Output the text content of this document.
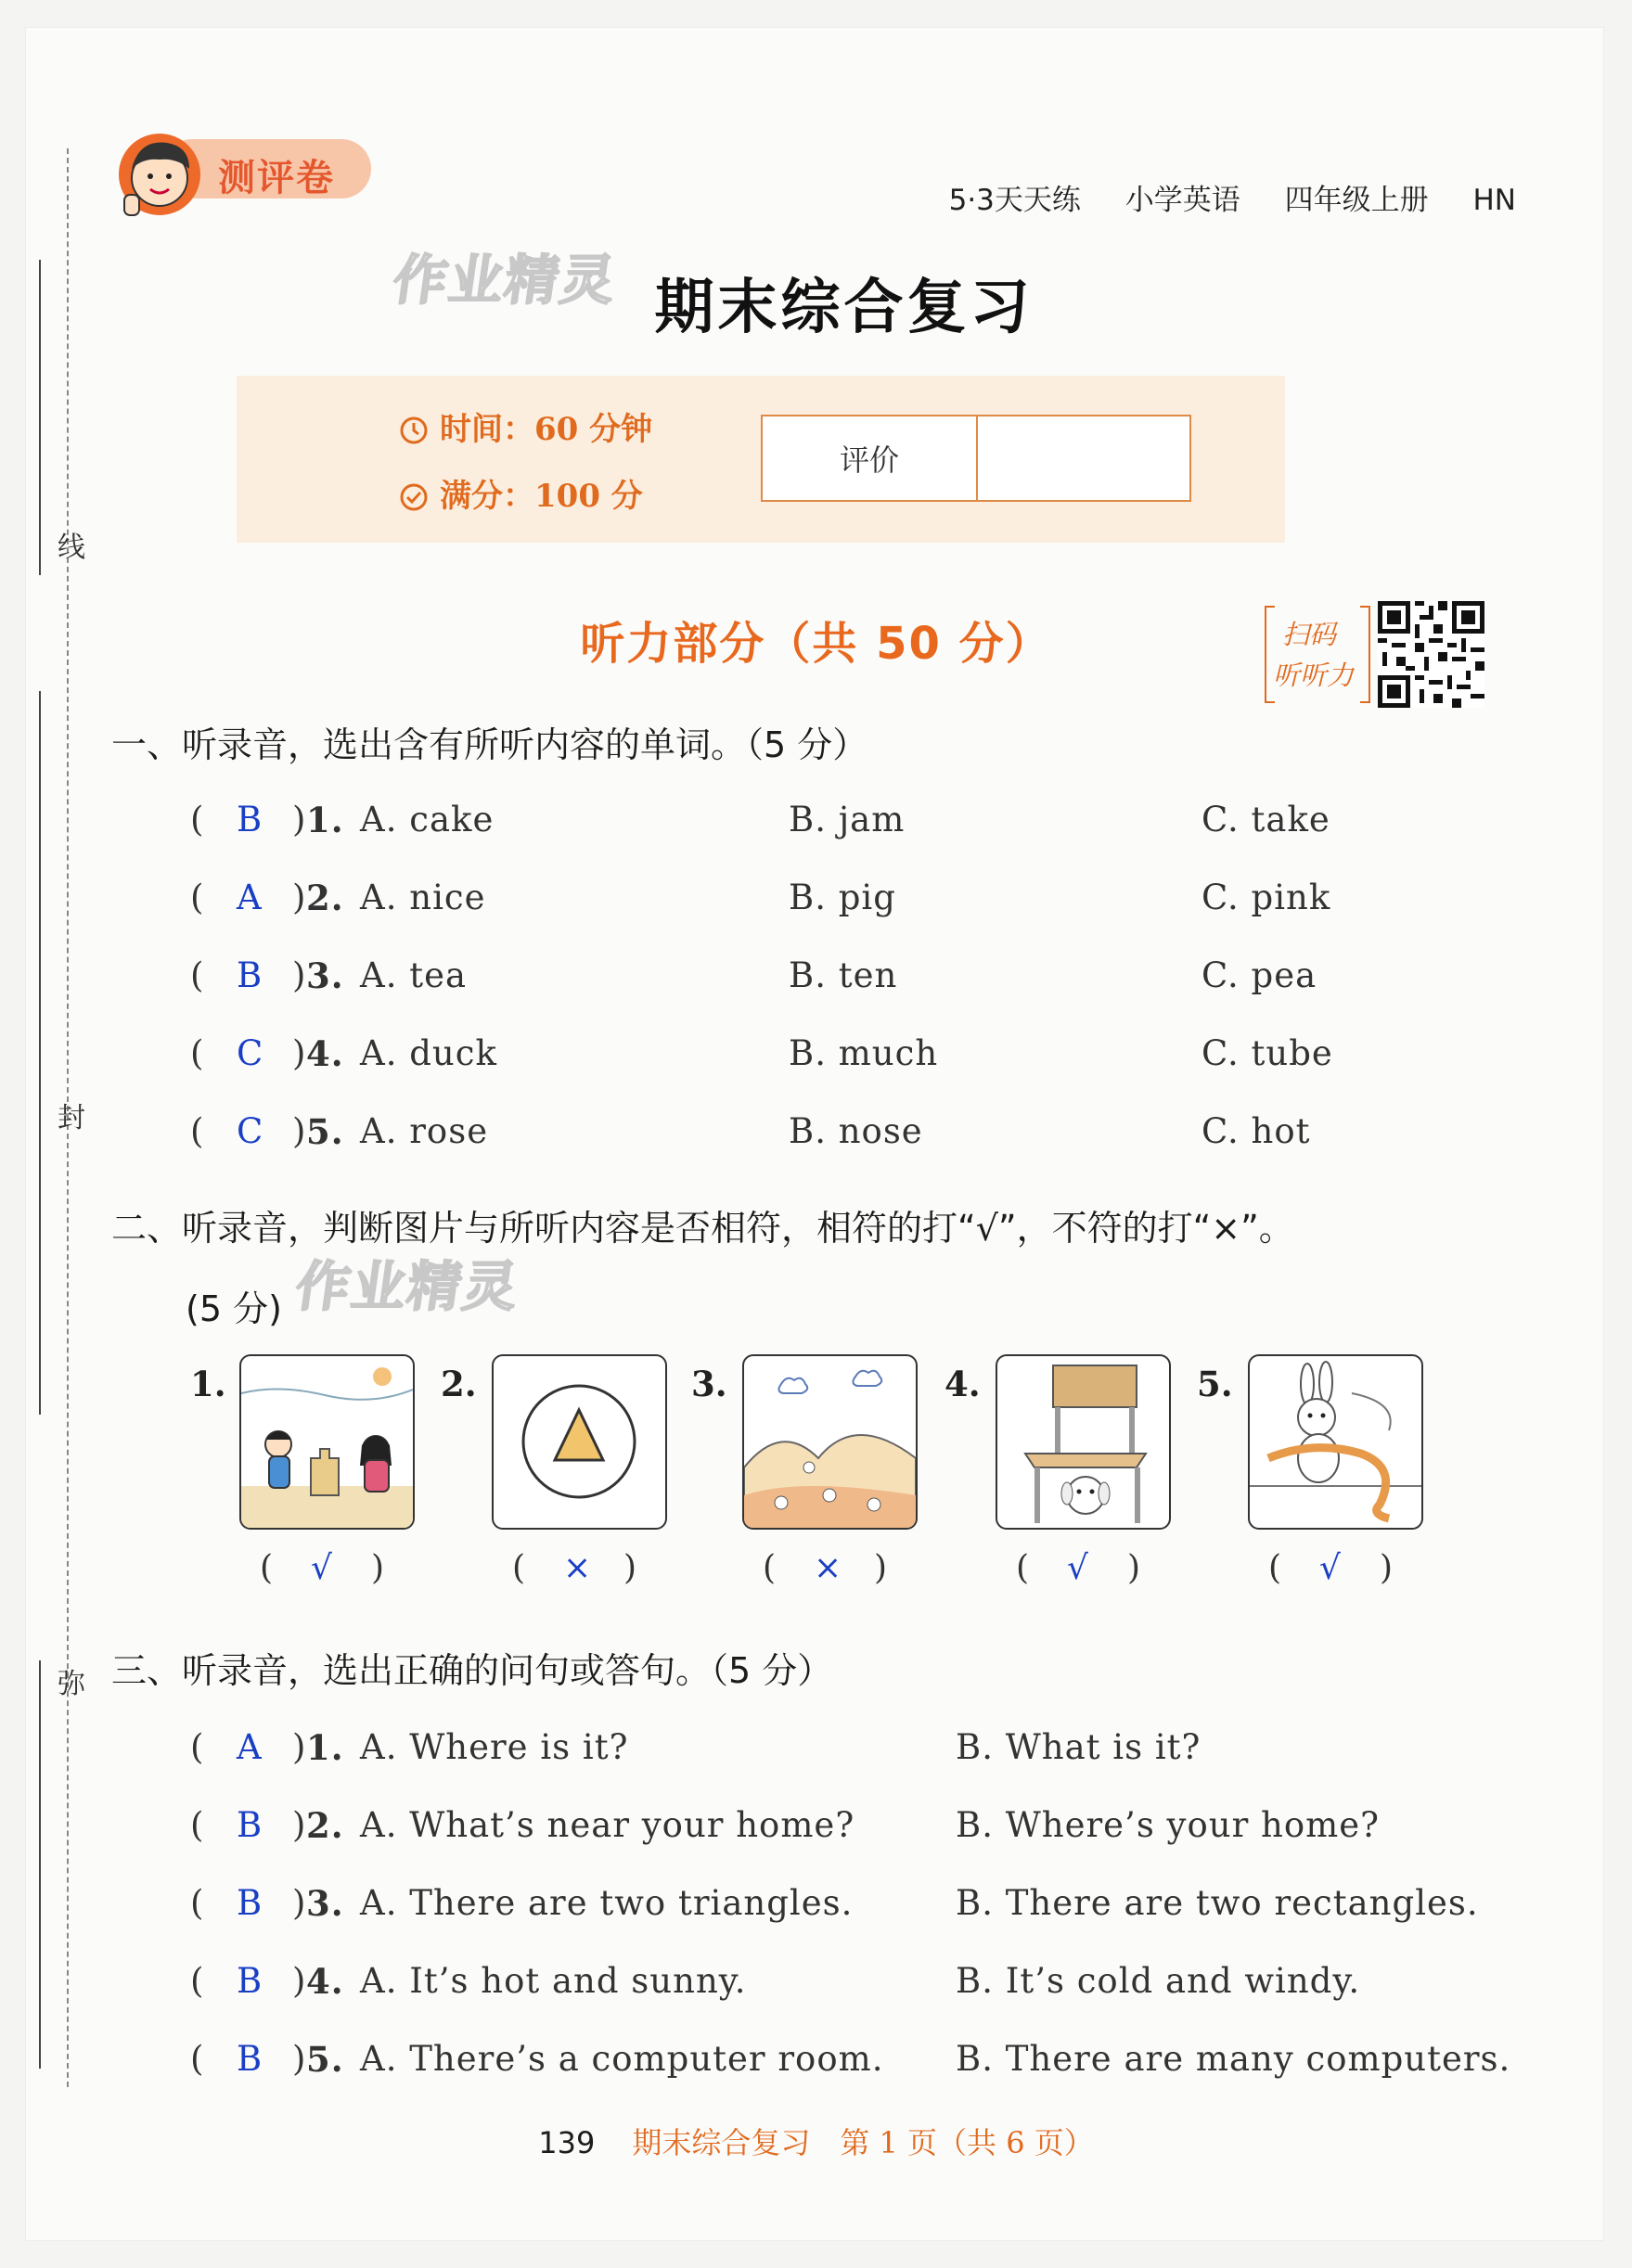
线
封
弥
测评卷
5·3天天练 小学英语 四年级上册 HN
作业精灵 期末综合复习
时间：60 分钟
满分：100 分
评价
听力部分（共 50 分）	扫码
听听力
一、听录音，选出含有所听内容的单词。（5 分）
( B ) 1. A. cake	B. jam	C. take
( A ) 2. A. nice	B. pig	C. pink
( B ) 3. A. tea	B. ten	C. pea
( C ) 4. A. duck	B. much	C. tube
( C ) 5. A. rose	B. nose	C. hot
二、听录音，判断图片与所听内容是否相符，相符的打“√”，不符的打“×”。
(5 分) 作业精灵
1.
( √ )
2.
( × )
3.
( × )
4.
( √ )
5.
( √ )
三、听录音，选出正确的问句或答句。（5 分）
( A ) 1. A. Where is it?	B. What is it?
( B ) 2. A. What’s near your home?	B. Where’s your home?
( B ) 3. A. There are two triangles.	B. There are two rectangles.
( B ) 4. A. It’s hot and sunny.	B. It’s cold and windy.
( B ) 5. A. There’s a computer room. B. There are many computers.
139 期末综合复习　第 1 页（共 6 页）
